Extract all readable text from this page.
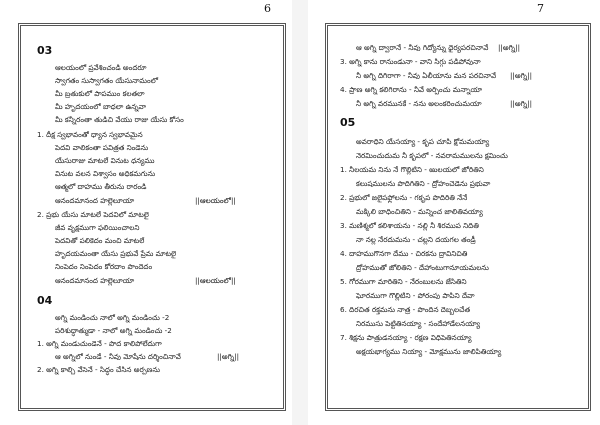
6
03
ఆలయంలో ప్రవేశించండి అందరూ
స్వాగతం సుస్వాగతం యేసునామంలో
మీ బ్రతుకులో పాపముం కలతలా
మీ హృదయంలో బాధలా ఉన్నవా
మీ కన్నీరంతా తుడిచి వేయు రాజు యేసు కోసం
1. దీక్ష స్వభావంతో ధ్యాన స్వభావమైన
పెదవి వాలికంతా పవిత్రత నిండెను
యేసురాజు మాటలే వినుట ధన్యము
వినుట వలన విశ్వాసం అధికమగును
ఆత్మలో దాహము తీరును రారండి
ఆనందమానంద హల్లెలూయా	||ఆలయంలో||
2. ప్రభు యేసు మాటలే పెదవిలో మాటలై
జీవ వృక్షముగా ఫలియించాలని
పెదవితో పలికెదం మంచి మాటలే
హృదయమంతా యేసు ప్రభువే ప్రేమ మాటలై
నింపెదం నింపెదం కోరదాం పొందెదం
ఆనందమానంద హల్లెలూయా	||ఆలయంలో||
04
అగ్ని మండించు నాలో అగ్ని మండించు -2
పరిశుద్ధాత్ముడా - నాలో అగ్ని మండించు -2
1. అగ్ని మండుచుండెనే - పొద కాలిపోలేదుగా
ఆ అగ్నిలో నుండే - నీవు మోషేను దర్శించినావే	||అగ్ని||
2. అగ్ని కాల్చి వేసెనే - సిద్ధం చేసిన అర్పణను
7
ఆ అగ్ని ద్వారానే - నీవు గిద్యోన్ను ధైర్యపరచినావే ||అగ్ని||
3. అగ్ని కాను రానుండునా - వాని సిగ్గు పడిపోవునా
నీ అగ్ని దిగిరాగా - నీవు ఏలీయాను మన పరచినావే ||అగ్ని||
4. ప్రాణ అగ్ని కలిగిరాను - నీవే అర్పించు మన్నాయా
నీ అగ్ని వరమునకే - నను అలంకరించుమయా	||అగ్ని||
05
అవరాధిని యేసయ్యా - కృప చూపి క్షోమమయ్యా
నెరమించుదుమ నీ కృపలో - నవరామములను క్షమించు
1. నీలయమ నిను నే గొల్లిటిని - ఱులయలో జోరితిని
కలుషములను పొదిగితిని - ద్రోహంచెడెను ప్రభువా
2. ప్రభులో జలైపఫ్లోలను - గకృప పొదిరితి నేనే
మక్కిలి బాధించితిని - మన్నించ జాలితివయ్యా
3. మణిశ్మలో కలిశాయను - నల్లి నీ శిరముప నిదితి
నా నల్ల నేరదుమను - చల్లని దయగల తండ్రీ
4. దాహముగొనగా దేము - చిరకను ద్రావినిచితి
ద్రోహముతో జోలితిని - దేహాంటుగానూయమలను
5. గోరముగా మారితిని - నేరంబులను జేసితిని
ఘోరముగా గొల్లిటిని - పోరంపు పాపిని దేవా
6. దిరచిత రక్తమను నాత్ర - పొందిన దెబ్బలచేత
నిరముసు పెట్టితినయ్యా - సందేహాడేలనయ్యా
7. శిక్షను పాత్రుడనయ్యా - రక్షణ విధిపెతినయ్యా
అక్షయభాగ్యము నియ్యా - మోక్షమును జాలిపితియ్యా
